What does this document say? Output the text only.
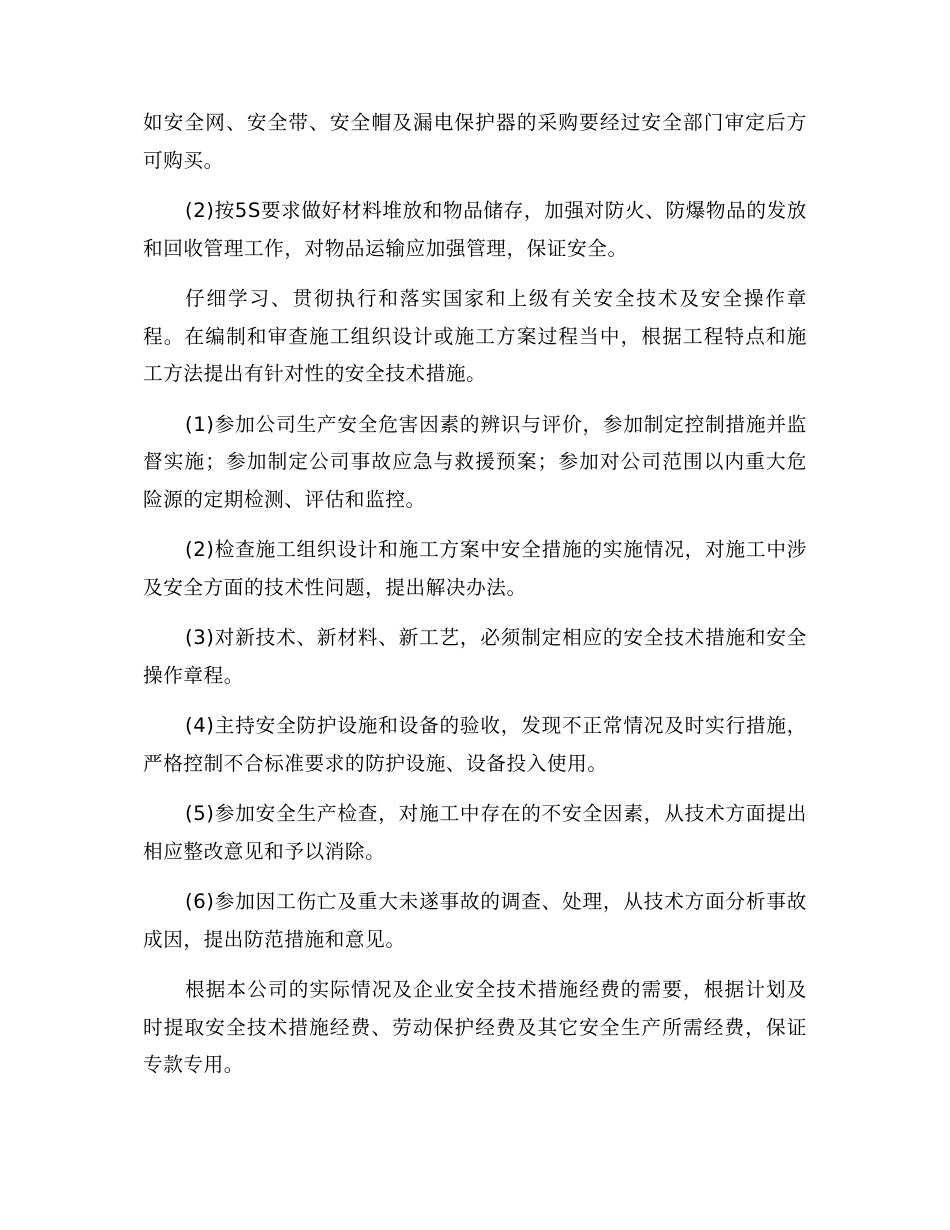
如安全网、安全带、安全帽及漏电保护器的采购要经过安全部门审定后方可购买。

(2)按5S要求做好材料堆放和物品储存，加强对防火、防爆物品的发放和回收管理工作，对物品运输应加强管理，保证安全。

仔细学习、贯彻执行和落实国家和上级有关安全技术及安全操作章程。在编制和审查施工组织设计或施工方案过程当中，根据工程特点和施工方法提出有针对性的安全技术措施。

(1)参加公司生产安全危害因素的辨识与评价，参加制定控制措施并监督实施；参加制定公司事故应急与救援预案；参加对公司范围以内重大危险源的定期检测、评估和监控。

(2)检查施工组织设计和施工方案中安全措施的实施情况，对施工中涉及安全方面的技术性问题，提出解决办法。

(3)对新技术、新材料、新工艺，必须制定相应的安全技术措施和安全操作章程。

(4)主持安全防护设施和设备的验收，发现不正常情况及时实行措施，严格控制不合标准要求的防护设施、设备投入使用。

(5)参加安全生产检查，对施工中存在的不安全因素，从技术方面提出相应整改意见和予以消除。

(6)参加因工伤亡及重大未遂事故的调查、处理，从技术方面分析事故成因，提出防范措施和意见。

根据本公司的实际情况及企业安全技术措施经费的需要，根据计划及时提取安全技术措施经费、劳动保护经费及其它安全生产所需经费，保证专款专用。
